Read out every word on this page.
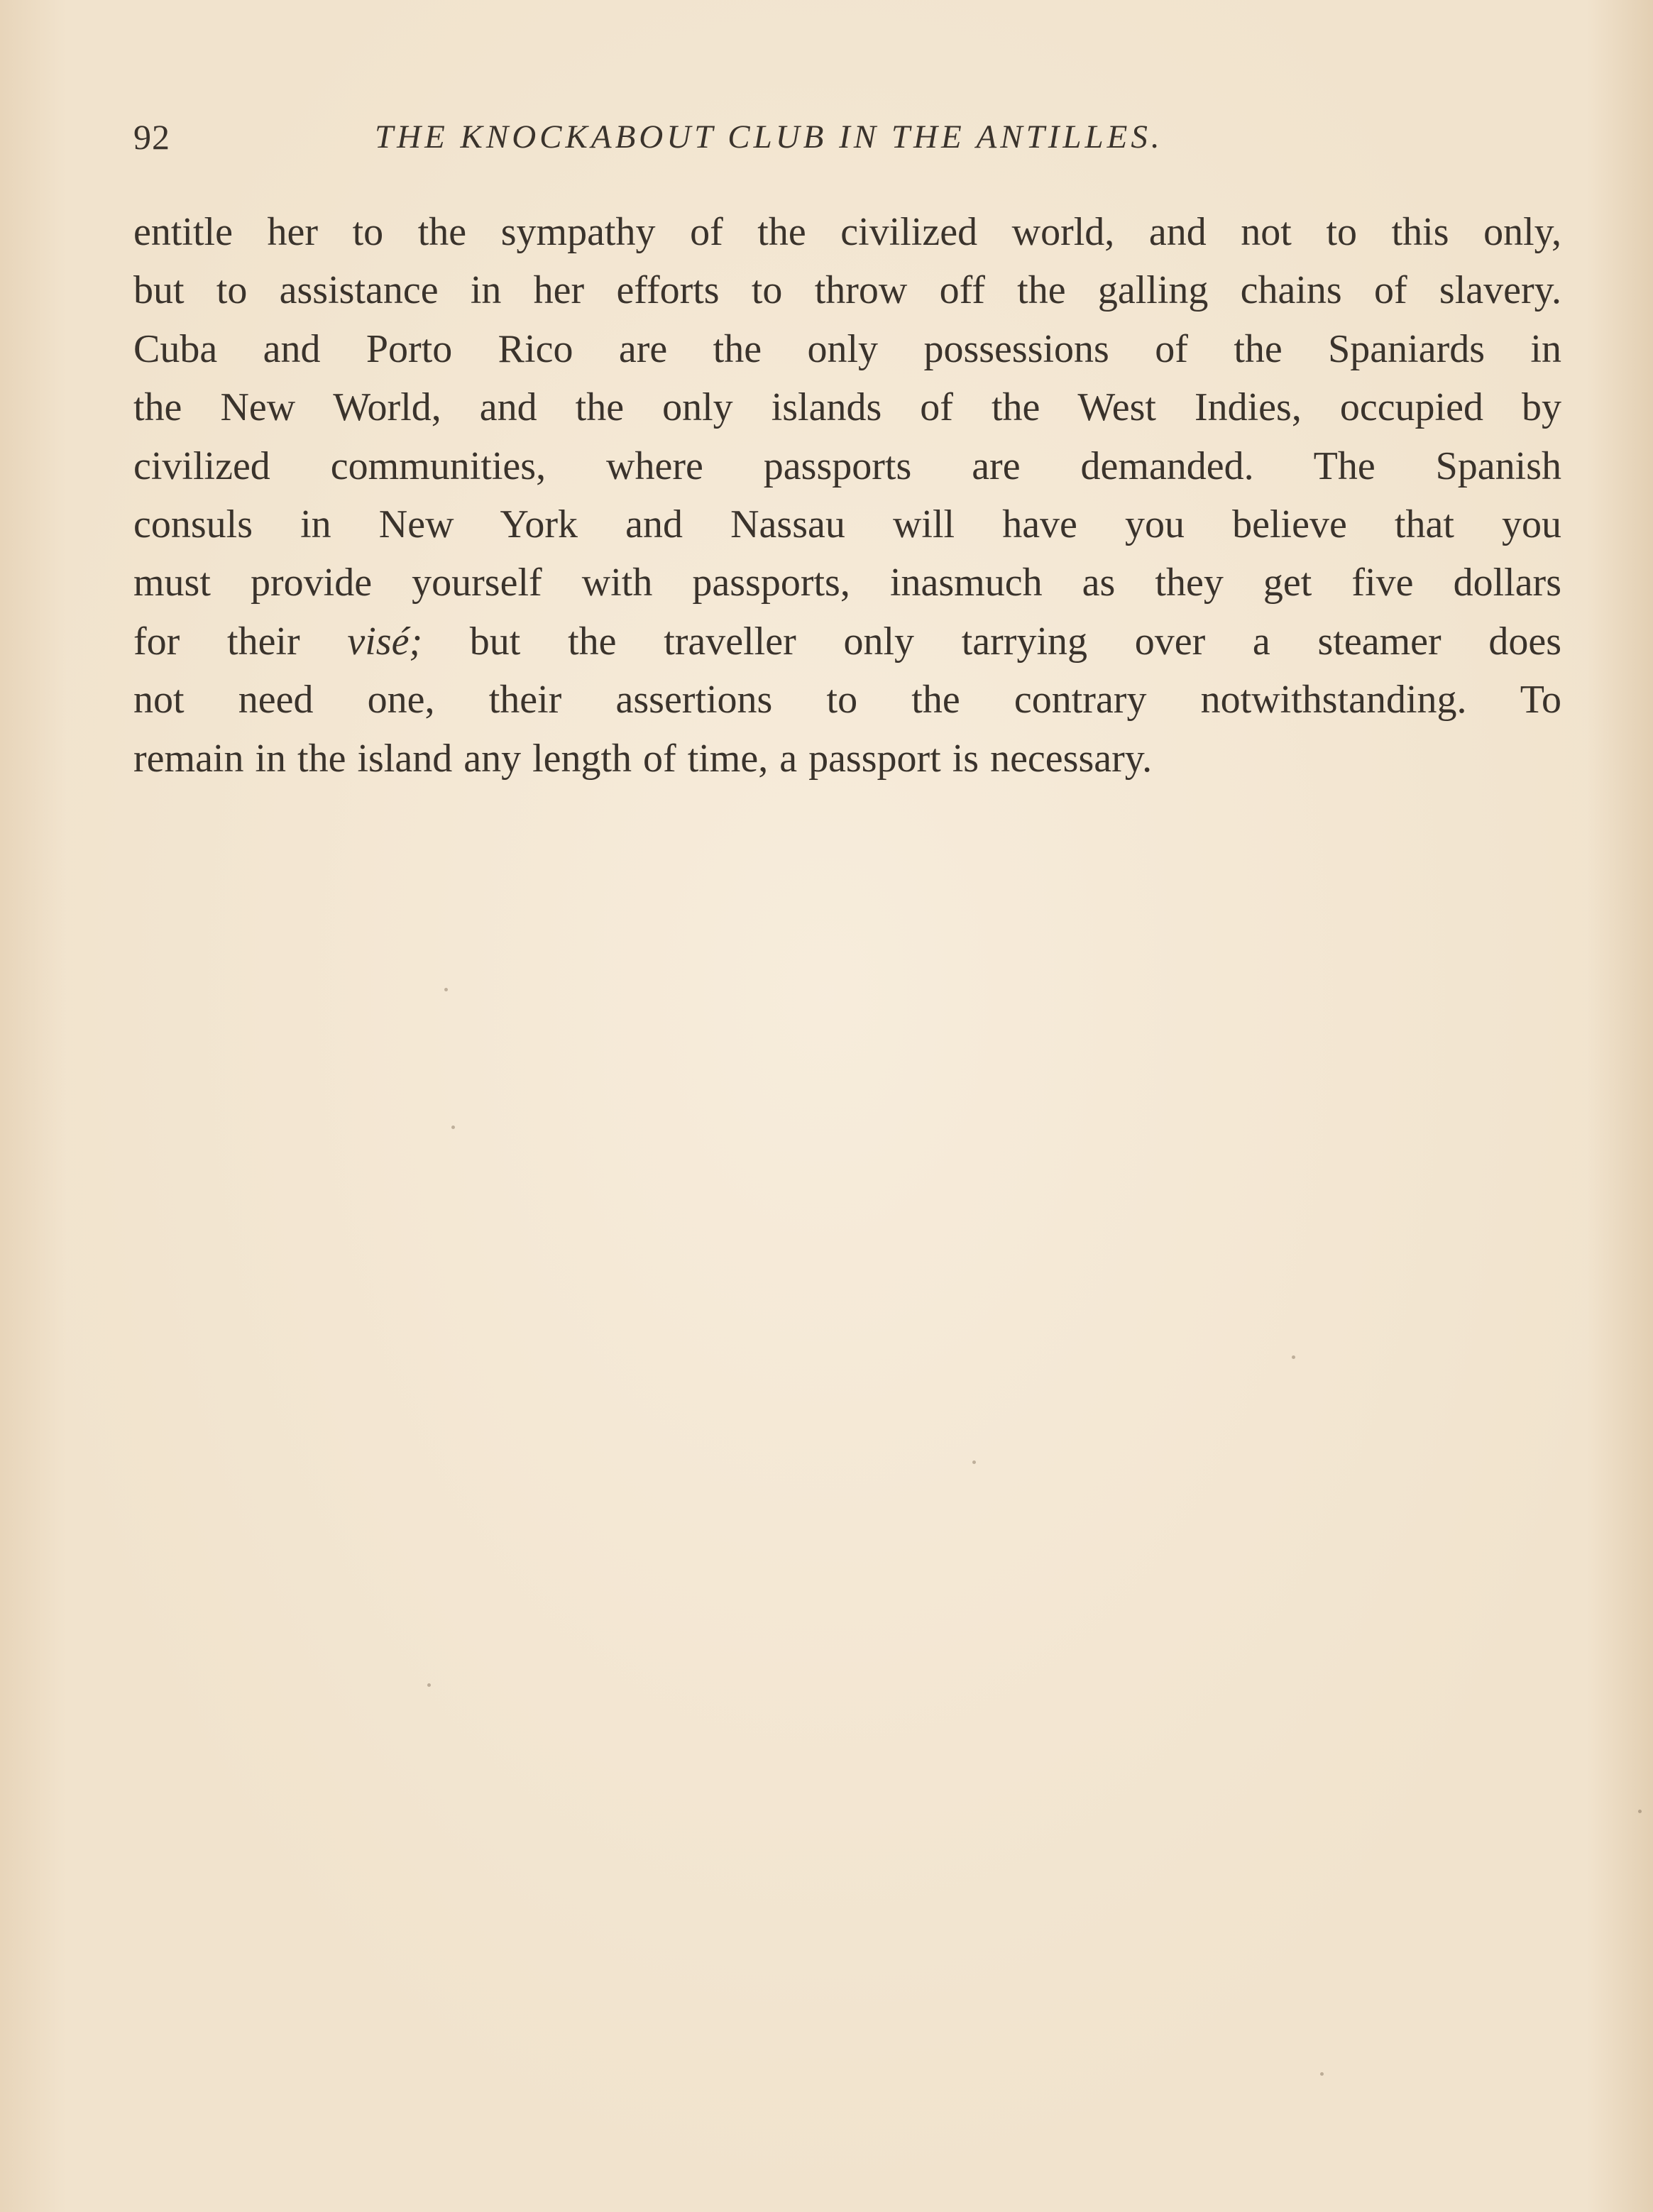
92	THE KNOCKABOUT CLUB IN THE ANTILLES.
entitle her to the sympathy of the civilized world, and not to this only,
but to assistance in her efforts to throw off the galling chains of slavery.
Cuba and Porto Rico are the only possessions of the Spaniards in
the New World, and the only islands of the West Indies, occupied by
civilized communities, where passports are demanded. The Spanish
consuls in New York and Nassau will have you believe that you
must provide yourself with passports, inasmuch as they get five dollars
for their visé; but the traveller only tarrying over a steamer does
not need one, their assertions to the contrary notwithstanding. To
remain in the island any length of time, a passport is necessary.
